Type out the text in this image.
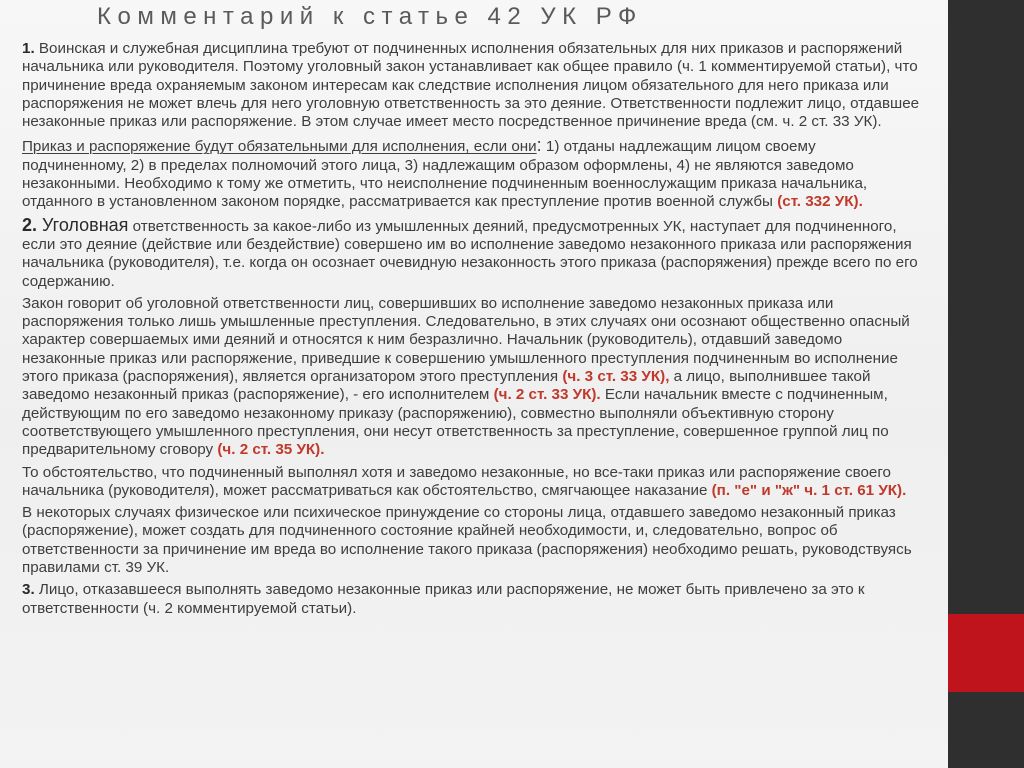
Комментарий к статье 42 УК РФ

1. Воинская и служебная дисциплина требуют от подчиненных исполнения обязательных для них приказов и распоряжений начальника или руководителя. Поэтому уголовный закон устанавливает как общее правило (ч. 1 комментируемой статьи), что причинение вреда охраняемым законом интересам как следствие исполнения лицом обязательного для него приказа или распоряжения не может влечь для него уголовную ответственность за это деяние. Ответственности подлежит лицо, отдавшее незаконные приказ или распоряжение. В этом случае имеет место посредственное причинение вреда (см. ч. 2 ст. 33 УК).

Приказ и распоряжение будут обязательными для исполнения, если они: 1) отданы надлежащим лицом своему подчиненному, 2) в пределах полномочий этого лица, 3) надлежащим образом оформлены, 4) не являются заведомо незаконными. Необходимо к тому же отметить, что неисполнение подчиненным военнослужащим приказа начальника, отданного в установленном законом порядке, рассматривается как преступление против военной службы (ст. 332 УК).

2. Уголовная ответственность за какое-либо из умышленных деяний, предусмотренных УК, наступает для подчиненного, если это деяние (действие или бездействие) совершено им во исполнение заведомо незаконного приказа или распоряжения начальника (руководителя), т.е. когда он осознает очевидную незаконность этого приказа (распоряжения) прежде всего по его содержанию.

Закон говорит об уголовной ответственности лиц, совершивших во исполнение заведомо незаконных приказа или распоряжения только лишь умышленные преступления. Следовательно, в этих случаях они осознают общественно опасный характер совершаемых ими деяний и относятся к ним безразлично. Начальник (руководитель), отдавший заведомо незаконные приказ или распоряжение, приведшие к совершению умышленного преступления подчиненным во исполнение этого приказа (распоряжения), является организатором этого преступления (ч. 3 ст. 33 УК), а лицо, выполнившее такой заведомо незаконный приказ (распоряжение), - его исполнителем (ч. 2 ст. 33 УК). Если начальник вместе с подчиненным, действующим по его заведомо незаконному приказу (распоряжению), совместно выполняли объективную сторону соответствующего умышленного преступления, они несут ответственность за преступление, совершенное группой лиц по предварительному сговору (ч. 2 ст. 35 УК).

То обстоятельство, что подчиненный выполнял хотя и заведомо незаконные, но все-таки приказ или распоряжение своего начальника (руководителя), может рассматриваться как обстоятельство, смягчающее наказание (п. "е" и "ж" ч. 1 ст. 61 УК).

В некоторых случаях физическое или психическое принуждение со стороны лица, отдавшего заведомо незаконный приказ (распоряжение), может создать для подчиненного состояние крайней необходимости, и, следовательно, вопрос об ответственности за причинение им вреда во исполнение такого приказа (распоряжения) необходимо решать, руководствуясь правилами ст. 39 УК.

3. Лицо, отказавшееся выполнять заведомо незаконные приказ или распоряжение, не может быть привлечено за это к ответственности (ч. 2 комментируемой статьи).
